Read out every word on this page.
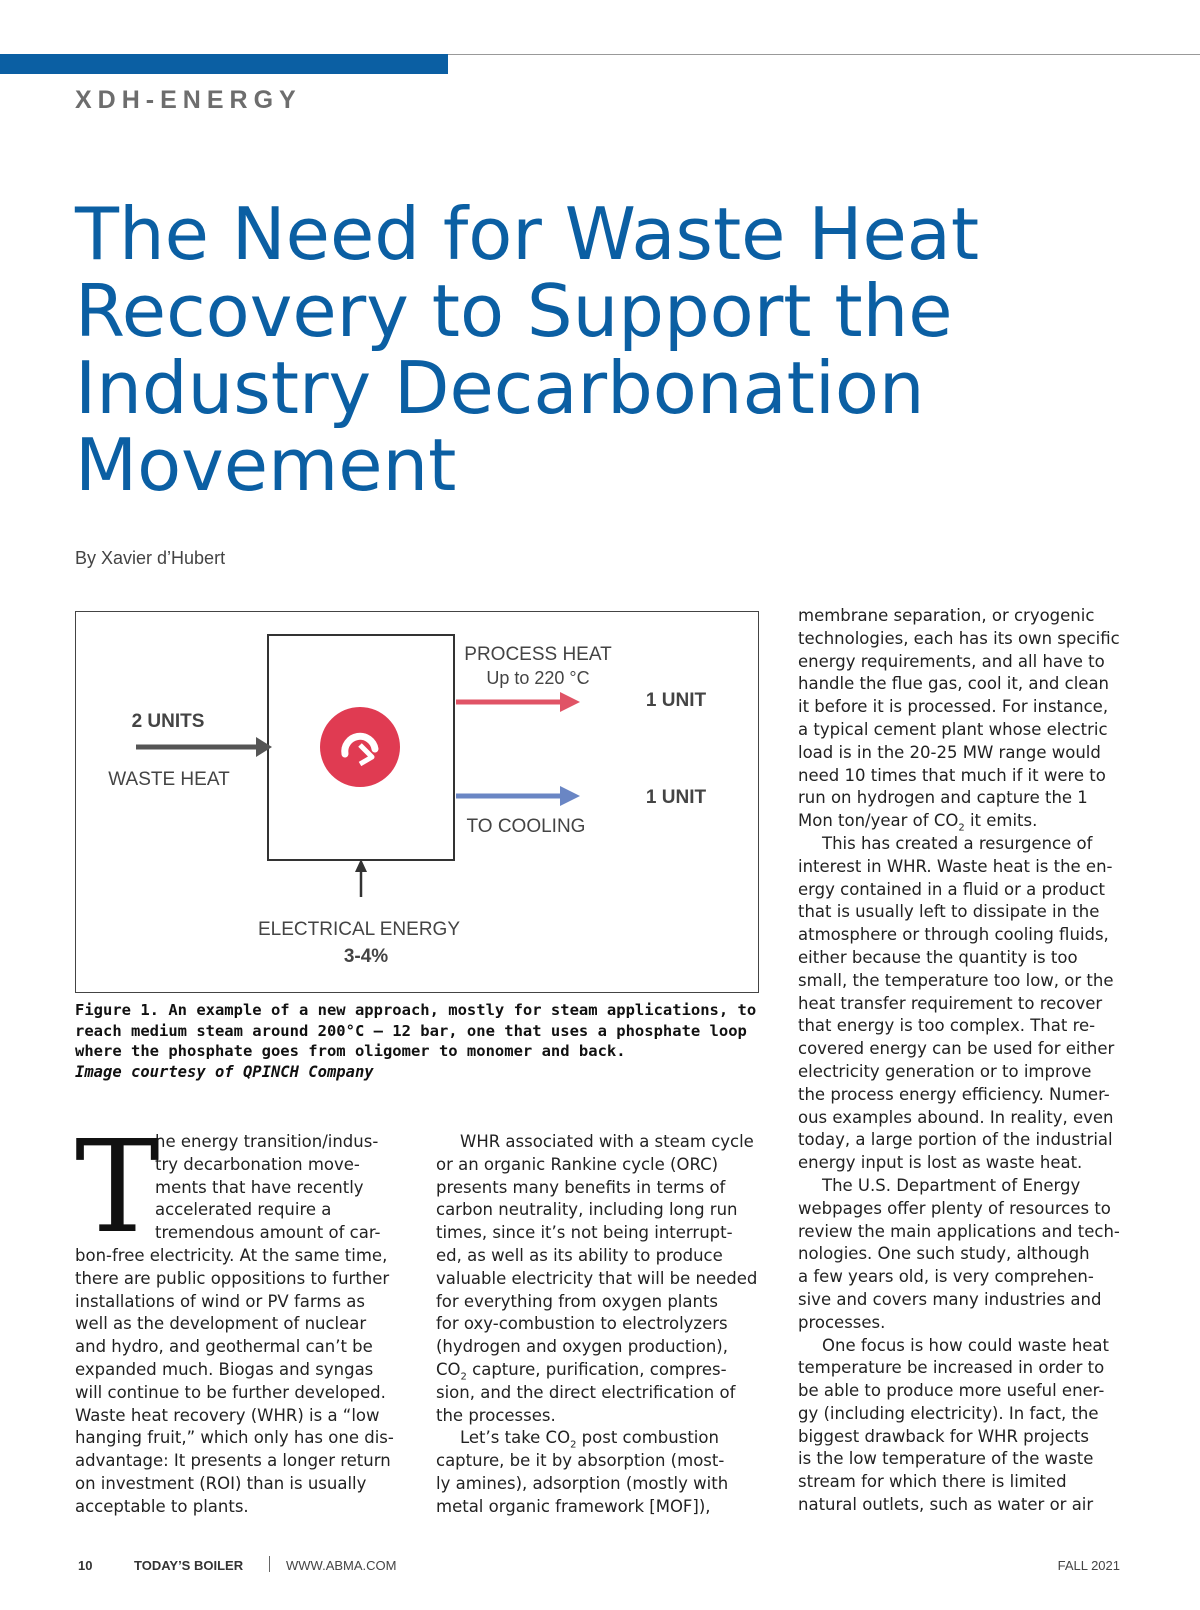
XDH-ENERGY
The Need for Waste Heat
Recovery to Support the
Industry Decarbonation
Movement
By Xavier d’Hubert
PROCESS HEAT
Up to 220 °C
1 UNIT
2 UNITS
WASTE HEAT
1 UNIT
TO COOLING
ELECTRICAL ENERGY
3-4%

Figure 1. An example of a new approach, mostly for steam applications, to

reach medium steam around 200°C – 12 bar, one that uses a phosphate loop

where the phosphate goes from oligomer to monomer and back.

Image courtesy of QPINCH Company

T
he energy transition/indus-
try decarbonation move-
ments that have recently
accelerated require a
tremendous amount of car-
bon-free electricity. At the same time,
there are public oppositions to further
installations of wind or PV farms as
well as the development of nuclear
and hydro, and geothermal can’t be
expanded much. Biogas and syngas
will continue to be further developed.
Waste heat recovery (WHR) is a “low
hanging fruit,” which only has one dis-
advantage: It presents a longer return
on investment (ROI) than is usually
acceptable to plants.
WHR associated with a steam cycle
or an organic Rankine cycle (ORC)
presents many benefits in terms of
carbon neutrality, including long run
times, since it’s not being interrupt-
ed, as well as its ability to produce
valuable electricity that will be needed
for everything from oxygen plants
for oxy-combustion to electrolyzers
(hydrogen and oxygen production),
$CO_2$ capture, purification, compres-
sion, and the direct electrification of
the processes.
Let’s take $CO_2$ post combustion
capture, be it by absorption (most-
ly amines), adsorption (mostly with
metal organic framework [MOF]),
membrane separation, or cryogenic
technologies, each has its own specific
energy requirements, and all have to
handle the flue gas, cool it, and clean
it before it is processed. For instance,
a typical cement plant whose electric
load is in the 20-25 MW range would
need 10 times that much if it were to
run on hydrogen and capture the 1
Mon ton/year of $CO_2$ it emits.
This has created a resurgence of
interest in WHR. Waste heat is the en-
ergy contained in a fluid or a product
that is usually left to dissipate in the
atmosphere or through cooling fluids,
either because the quantity is too
small, the temperature too low, or the
heat transfer requirement to recover
that energy is too complex. That re-
covered energy can be used for either
electricity generation or to improve
the process energy efficiency. Numer-
ous examples abound. In reality, even
today, a large portion of the industrial
energy input is lost as waste heat.
The U.S. Department of Energy
webpages offer plenty of resources to
review the main applications and tech-
nologies. One such study, although
a few years old, is very comprehen-
sive and covers many industries and
processes.
One focus is how could waste heat
temperature be increased in order to
be able to produce more useful ener-
gy (including electricity). In fact, the
biggest drawback for WHR projects
is the low temperature of the waste
stream for which there is limited
natural outlets, such as water or air
10	TODAY’S BOILER	WWW.ABMA.COM	FALL 2021
